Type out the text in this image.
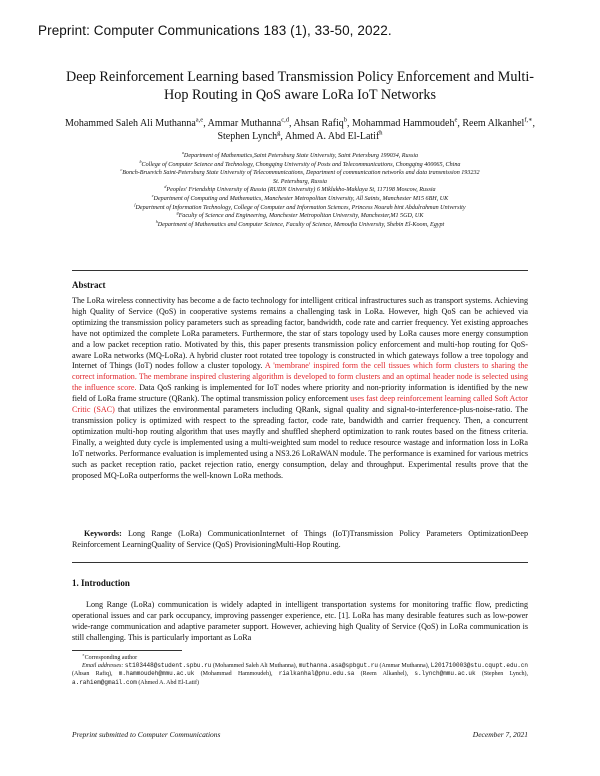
Preprint: Computer Communications 183 (1), 33-50, 2022.
Deep Reinforcement Learning based Transmission Policy Enforcement and Multi-Hop Routing in QoS aware LoRa IoT Networks
Mohammed Saleh Ali Muthanna$^{a,e}$, Ammar Muthanna$^{c,d}$, Ahsan Rafiq$^b$, Mohammad Hammoudeh$^e$, Reem Alkanhel$^{f,∗}$, Stephen Lynch$^g$, Ahmed A. Abd El-Latif$^h$
$^a$Department of Mathematics,Saint Petersburg State University, Saint Petersburg 199034, Russia
$^b$College of Computer Science and Technology, Chongqing University of Posts and Telecommunications, Chongqing 400065, China
$^c$Bonch-Bruevich Saint-Petersburg State University of Telecommunications, Department of communication networks and data transmission 193232
St. Petersburg, Russia
$^d$Peoples' Friendship University of Russia (RUDN University) 6 Miklukho-Maklaya St, 117198 Moscow, Russia
$^e$Department of Computing and Mathematics, Manchester Metropolitan University, All Saints, Manchester M15 6BH, UK
$^f$Department of Information Technology, College of Computer and Information Sciences, Princess Nourah bint Abdulrahman University
$^g$Faculty of Science and Engineering, Manchester Metropolitan University, Manchester,M1 5GD, UK
$^h$Department of Mathematics and Computer Science, Faculty of Science, Menoufia University, Shebin El-Koom, Egypt
Abstract
The LoRa wireless connectivity has become a de facto technology for intelligent critical infrastructures such as transport systems. Achieving high Quality of Service (QoS) in cooperative systems remains a challenging task in LoRa. However, high QoS can be achieved via optimizing the transmission policy parameters such as spreading factor, bandwidth, code rate and carrier frequency. Yet existing approaches have not optimized the complete LoRa parameters. Furthermore, the star of stars topology used by LoRa causes more energy consumption and a low packet reception ratio. Motivated by this, this paper presents transmission policy enforcement and multi-hop routing for QoS-aware LoRa networks (MQ-LoRa). A hybrid cluster root rotated tree topology is constructed in which gateways follow a tree topology and Internet of Things (IoT) nodes follow a cluster topology. A 'membrane' inspired form the cell tissues which form clusters to sharing the correct information. The membrane inspired clustering algorithm is developed to form clusters and an optimal header node is selected using the influence score. Data QoS ranking is implemented for IoT nodes where priority and non-priority information is identified by the new field of LoRa frame structure (QRank). The optimal transmission policy enforcement uses fast deep reinforcement learning called Soft Actor Critic (SAC) that utilizes the environmental parameters including QRank, signal quality and signal-to-interference-plus-noise-ratio. The transmission policy is optimized with respect to the spreading factor, code rate, bandwidth and carrier frequency. Then, a concurrent optimization multi-hop routing algorithm that uses mayfly and shuffled shepherd optimization to rank routes based on the fitness criteria. Finally, a weighted duty cycle is implemented using a multi-weighted sum model to reduce resource wastage and information loss in LoRa IoT networks. Performance evaluation is implemented using a NS3.26 LoRaWAN module. The performance is examined for various metrics such as packet reception ratio, packet rejection ratio, energy consumption, delay and throughput. Experimental results prove that the proposed MQ-LoRa outperforms the well-known LoRa methods.
Keywords: Long Range (LoRa) CommunicationInternet of Things (IoT)Transmission Policy Parameters OptimizationDeep Reinforcement LearningQuality of Service (QoS) ProvisioningMulti-Hop Routing.
1. Introduction
Long Range (LoRa) communication is widely adapted in intelligent transportation systems for monitoring traffic flow, predicting operational issues and car park occupancy, improving passenger experience, etc. [1]. LoRa has many desirable features such as low-power wide-range communication and adaptive parameter support. However, achieving high Quality of Service (QoS) in LoRa communication is still challenging. This is particularly important as LoRa
∗Corresponding author
Email addresses: st103448@student.spbu.ru (Mohammed Saleh Ali Muthanna), muthanna.asa@spbgut.ru (Ammar Muthanna), L201710003@stu.cqupt.edu.cn (Ahsan Rafiq), m.hammoudeh@mmu.ac.uk (Mohammad Hammoudeh), rialkanhal@pnu.edu.sa (Reem Alkanhel), s.lynch@mmu.ac.uk (Stephen Lynch), a.rahiem@gmail.com (Ahmed A. Abd El-Latif)
Preprint submitted to Computer Communications	December 7, 2021
